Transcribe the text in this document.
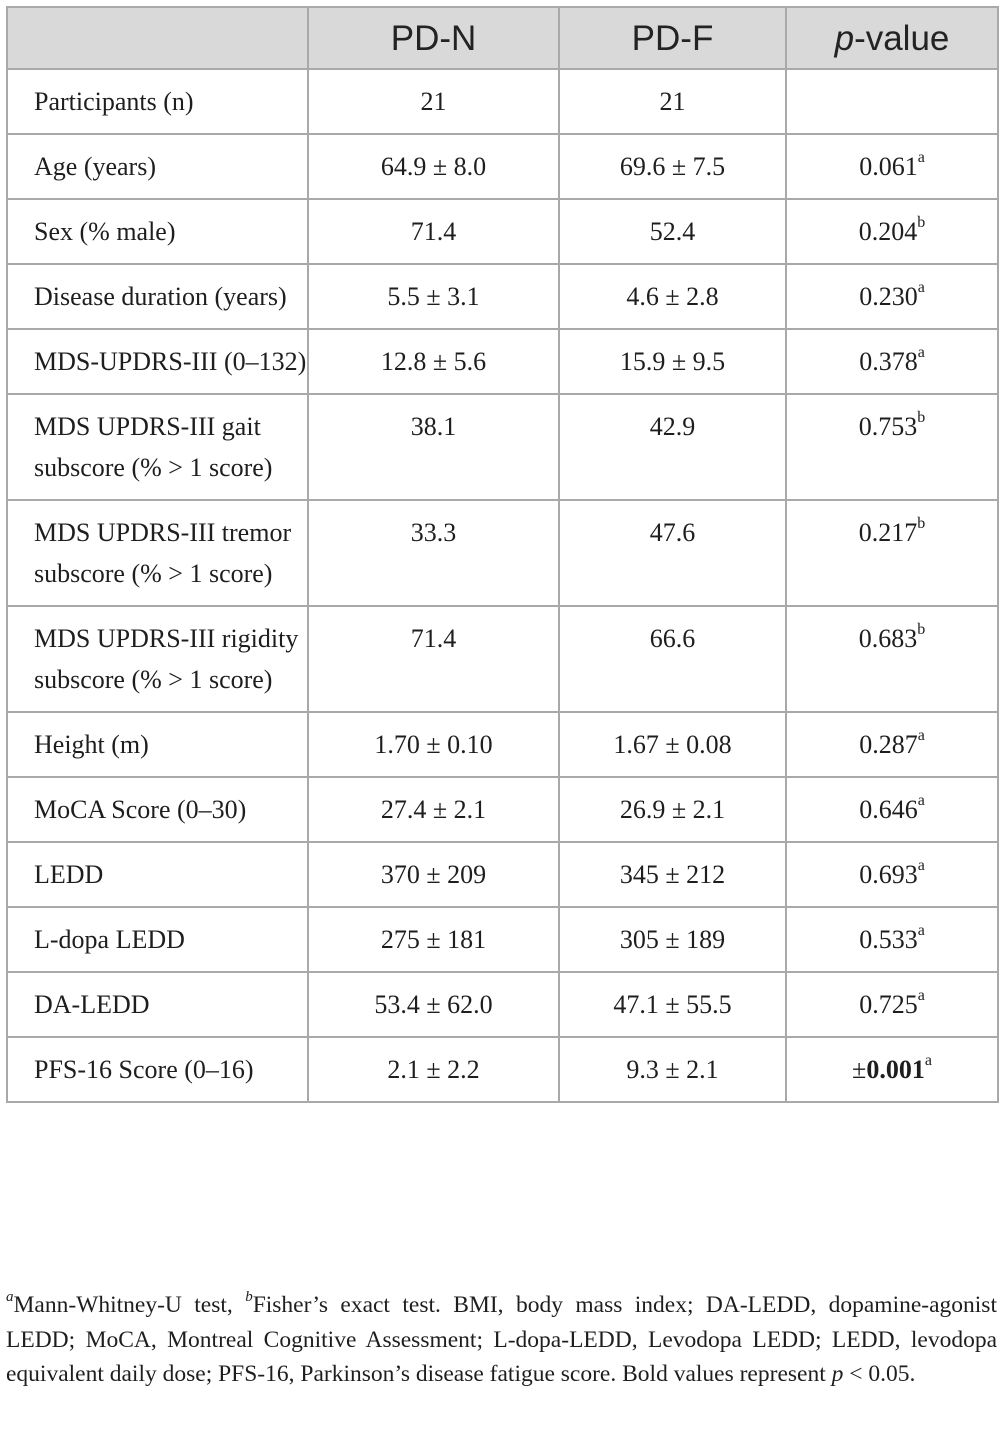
	PD-N	PD-F	p-value
Participants (n)	21	21	
Age (years)	64.9 ± 8.0	69.6 ± 7.5	0.061$^a$
Sex (% male)	71.4	52.4	0.204$^b$
Disease duration (years)	5.5 ± 3.1	4.6 ± 2.8	0.230$^a$
MDS-UPDRS-III (0–132)	12.8 ± 5.6	15.9 ± 9.5	0.378$^a$
MDS UPDRS-III gait subscore (% > 1 score)	38.1	42.9	0.753$^b$
MDS UPDRS-III tremor subscore (% > 1 score)	33.3	47.6	0.217$^b$
MDS UPDRS-III rigidity subscore (% > 1 score)	71.4	66.6	0.683$^b$
Height (m)	1.70 ± 0.10	1.67 ± 0.08	0.287$^a$
MoCA Score (0–30)	27.4 ± 2.1	26.9 ± 2.1	0.646$^a$
LEDD	370 ± 209	345 ± 212	0.693$^a$
L-dopa LEDD	275 ± 181	305 ± 189	0.533$^a$
DA-LEDD	53.4 ± 62.0	47.1 ± 55.5	0.725$^a$
PFS-16 Score (0–16)	2.1 ± 2.2	9.3 ± 2.1	±0.001$^a$
$^a$Mann-Whitney-U test, $^b$Fisher’s exact test. BMI, body mass index; DA-LEDD, dopamine-agonist LEDD; MoCA, Montreal Cognitive Assessment; L-dopa-LEDD, Levodopa LEDD; LEDD, levodopa equivalent daily dose; PFS-16, Parkinson’s disease fatigue score. Bold values represent p < 0.05.
